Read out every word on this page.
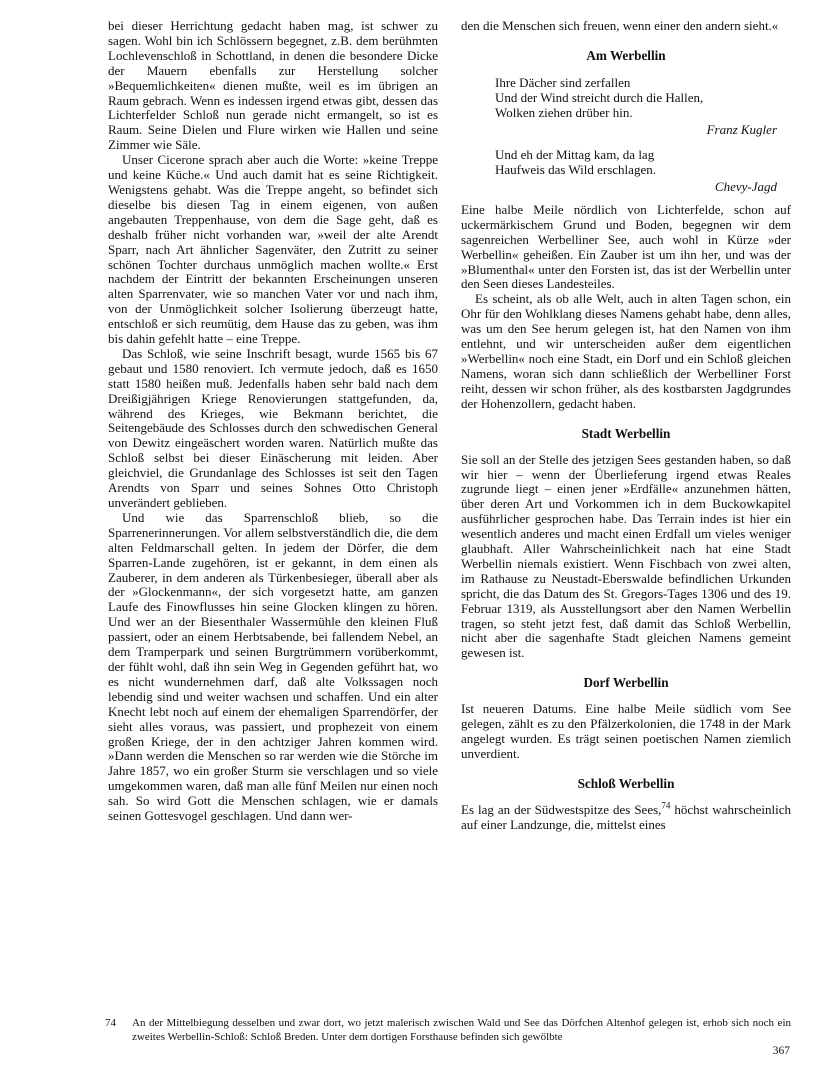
bei dieser Herrichtung gedacht haben mag, ist schwer zu sagen. Wohl bin ich Schlössern begegnet, z.B. dem berühmten Lochlevenschloß in Schottland, in denen die besondere Dicke der Mauern ebenfalls zur Herstellung solcher »Bequemlichkeiten« dienen mußte, weil es im übrigen an Raum gebrach. Wenn es indessen irgend etwas gibt, dessen das Lichterfelder Schloß nun gerade nicht ermangelt, so ist es Raum. Seine Dielen und Flure wirken wie Hallen und seine Zimmer wie Säle.

Unser Cicerone sprach aber auch die Worte: »keine Treppe und keine Küche.« Und auch damit hat es seine Richtigkeit. Wenigstens gehabt. Was die Treppe angeht, so befindet sich dieselbe bis diesen Tag in einem eigenen, von außen angebauten Treppenhause, von dem die Sage geht, daß es deshalb früher nicht vorhanden war, »weil der alte Arendt Sparr, nach Art ähnlicher Sagenväter, den Zutritt zu seiner schönen Tochter durchaus unmöglich machen wollte.« Erst nachdem der Eintritt der bekannten Erscheinungen unseren alten Sparrenvater, wie so manchen Vater vor und nach ihm, von der Unmöglichkeit solcher Isolierung überzeugt hatte, entschloß er sich reumütig, dem Hause das zu geben, was ihm bis dahin gefehlt hatte – eine Treppe.

Das Schloß, wie seine Inschrift besagt, wurde 1565 bis 67 gebaut und 1580 renoviert. Ich vermute jedoch, daß es 1650 statt 1580 heißen muß. Jedenfalls haben sehr bald nach dem Dreißigjährigen Kriege Renovierungen stattgefunden, da, während des Krieges, wie Bekmann berichtet, die Seitengebäude des Schlosses durch den schwedischen General von Dewitz eingeäschert worden waren. Natürlich mußte das Schloß selbst bei dieser Einäscherung mit leiden. Aber gleichviel, die Grundanlage des Schlosses ist seit den Tagen Arendts von Sparr und seines Sohnes Otto Christoph unverändert geblieben.

Und wie das Sparrenschloß blieb, so die Sparrenerinnerungen. Vor allem selbstverständlich die, die dem alten Feldmarschall gelten. In jedem der Dörfer, die dem Sparren-Lande zugehören, ist er gekannt, in dem einen als Zauberer, in dem anderen als Türkenbesieger, überall aber als der »Glockenmann«, der sich vorgesetzt hatte, am ganzen Laufe des Finowflusses hin seine Glocken klingen zu hören. Und wer an der Biesenthaler Wassermühle den kleinen Fluß passiert, oder an einem Herbtsabende, bei fallendem Nebel, an dem Tramperpark und seinen Burgtrümmern vorüberkommt, der fühlt wohl, daß ihn sein Weg in Gegenden geführt hat, wo es nicht wundernehmen darf, daß alte Volkssagen noch lebendig sind und weiter wachsen und schaffen. Und ein alter Knecht lebt noch auf einem der ehemaligen Sparrendörfer, der sieht alles voraus, was passiert, und prophezeit von einem großen Kriege, der in den achtziger Jahren kommen wird. »Dann werden die Menschen so rar werden wie die Störche im Jahre 1857, wo ein großer Sturm sie verschlagen und so viele umgekommen waren, daß man alle fünf Meilen nur einen noch sah. So wird Gott die Menschen schlagen, wie er damals seinen Gottesvogel geschlagen. Und dann wer-

den die Menschen sich freuen, wenn einer den andern sieht.«

Am Werbellin
Ihre Dächer sind zerfallen
Und der Wind streicht durch die Hallen,
Wolken ziehen drüber hin.
Franz Kugler
Und eh der Mittag kam, da lag
Haufweis das Wild erschlagen.
Chevy-Jagd

Eine halbe Meile nördlich von Lichterfelde, schon auf uckermärkischem Grund und Boden, begegnen wir dem sagenreichen Werbelliner See, auch wohl in Kürze »der Werbellin« geheißen. Ein Zauber ist um ihn her, und was der »Blumenthal« unter den Forsten ist, das ist der Werbellin unter den Seen dieses Landesteiles.

Es scheint, als ob alle Welt, auch in alten Tagen schon, ein Ohr für den Wohlklang dieses Namens gehabt habe, denn alles, was um den See herum gelegen ist, hat den Namen von ihm entlehnt, und wir unterscheiden außer dem eigentlichen »Werbellin« noch eine Stadt, ein Dorf und ein Schloß gleichen Namens, woran sich dann schließlich der Werbelliner Forst reiht, dessen wir schon früher, als des kostbarsten Jagdgrundes der Hohenzollern, gedacht haben.

Stadt Werbellin

Sie soll an der Stelle des jetzigen Sees gestanden haben, so daß wir hier – wenn der Überlieferung irgend etwas Reales zugrunde liegt – einen jener »Erdfälle« anzunehmen hätten, über deren Art und Vorkommen ich in dem Buckowkapitel ausführlicher gesprochen habe. Das Terrain indes ist hier ein wesentlich anderes und macht einen Erdfall um vieles weniger glaubhaft. Aller Wahrscheinlichkeit nach hat eine Stadt Werbellin niemals existiert. Wenn Fischbach von zwei alten, im Rathause zu Neustadt-Eberswalde befindlichen Urkunden spricht, die das Datum des St. Gregors-Tages 1306 und des 19. Februar 1319, als Ausstellungsort aber den Namen Werbellin tragen, so steht jetzt fest, daß damit das Schloß Werbellin, nicht aber die sagenhafte Stadt gleichen Namens gemeint gewesen ist.

Dorf Werbellin

Ist neueren Datums. Eine halbe Meile südlich vom See gelegen, zählt es zu den Pfälzerkolonien, die 1748 in der Mark angelegt wurden. Es trägt seinen poetischen Namen ziemlich unverdient.

Schloß Werbellin

Es lag an der Südwestspitze des Sees,$^{74}$ höchst wahrscheinlich auf einer Landzunge, die, mittelst eines

74	An der Mittelbiegung desselben und zwar dort, wo jetzt malerisch zwischen Wald und See das Dörfchen Altenhof gelegen ist, erhob sich noch ein zweites Werbellin-Schloß: Schloß Breden. Unter dem dortigen Forsthause befinden sich gewölbte
367
